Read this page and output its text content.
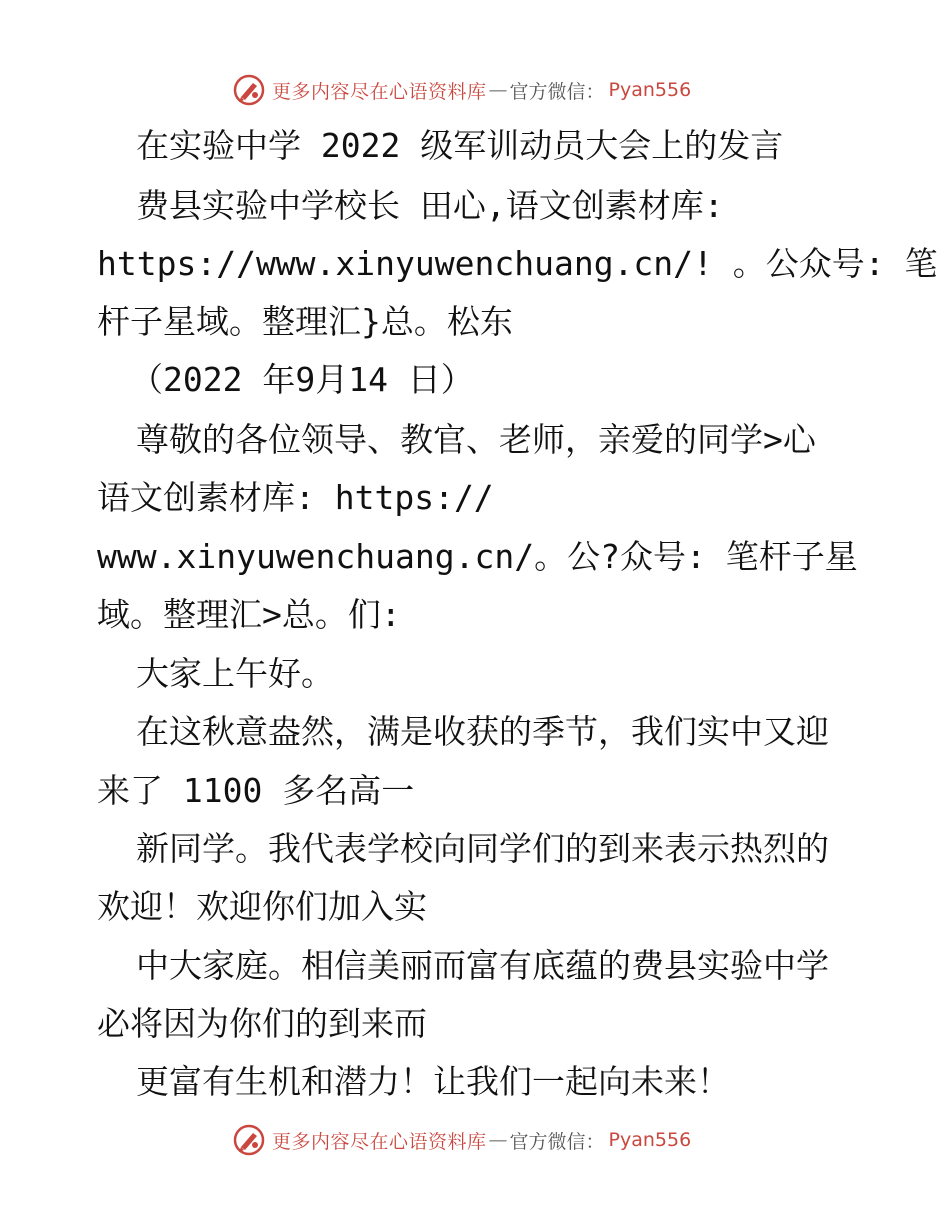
更多内容尽在心语资料库 — 官方微信： Pyan556
在实验中学 2022 级军训动员大会上的发言
费县实验中学校长 田心,语文创素材库:
https://www.xinyuwenchuang.cn/! 。公众号: 笔
杆子星域。整理汇}总。松东
（2022 年9月14 日）
尊敬的各位领导、教官、老师，亲爱的同学>心
语文创素材库: https://
www.xinyuwenchuang.cn/。公?众号: 笔杆子星
域。整理汇>总。们:
大家上午好。
在这秋意盎然，满是收获的季节，我们实中又迎
来了 1100 多名高一
新同学。我代表学校向同学们的到来表示热烈的
欢迎！欢迎你们加入实
中大家庭。相信美丽而富有底蕴的费县实验中学
必将因为你们的到来而
更富有生机和潜力！让我们一起向未来！
更多内容尽在心语资料库 — 官方微信： Pyan556
